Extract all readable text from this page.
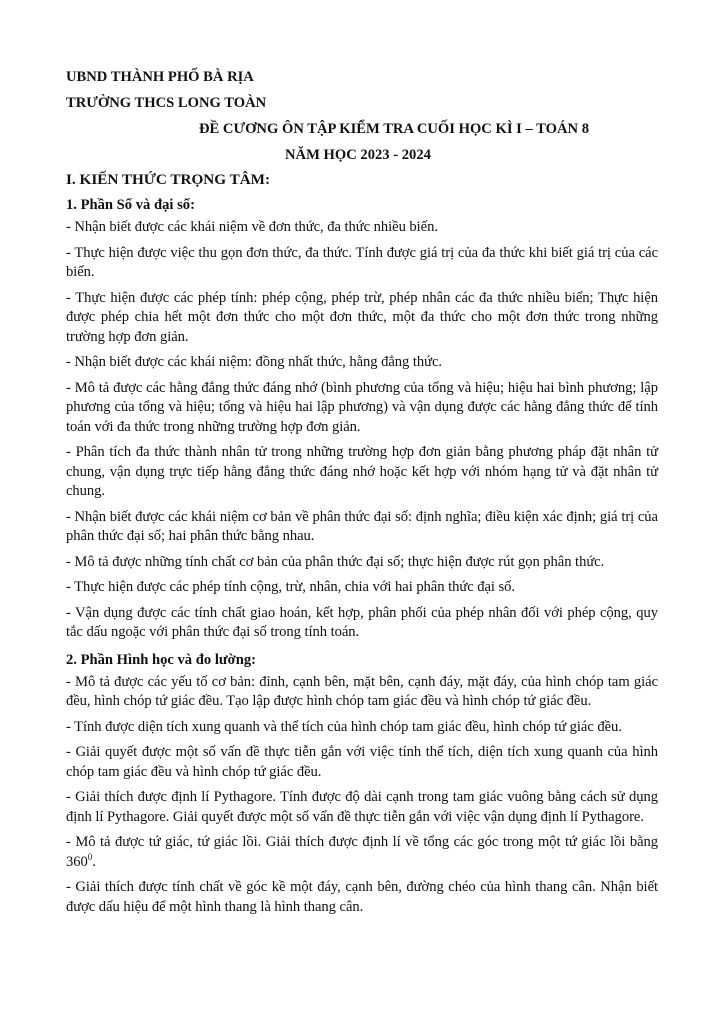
UBND THÀNH PHỐ BÀ RỊA

TRƯỜNG THCS LONG TOÀN

ĐỀ CƯƠNG ÔN TẬP KIỂM TRA CUỐI HỌC KÌ I – TOÁN 8

NĂM HỌC 2023 - 2024

I. KIẾN THỨC TRỌNG TÂM:

1. Phần Số và đại số:

- Nhận biết được các khái niệm về đơn thức, đa thức nhiều biến.

- Thực hiện được việc thu gọn đơn thức, đa thức. Tính được giá trị của đa thức khi biết giá trị của các biến.

- Thực hiện được các phép tính: phép cộng, phép trừ, phép nhân các đa thức nhiều biến; Thực hiện được phép chia hết một đơn thức cho một đơn thức, một đa thức cho một đơn thức trong những trường hợp đơn giản.

- Nhận biết được các khái niệm: đồng nhất thức, hằng đẳng thức.

- Mô tả được các hằng đẳng thức đáng nhớ (bình phương của tổng và hiệu; hiệu hai bình phương; lập phương của tổng và hiệu; tổng và hiệu hai lập phương) và vận dụng được các hằng đẳng thức để tính toán với đa thức trong những trường hợp đơn giản.

- Phân tích đa thức thành nhân tử trong những trường hợp đơn giản bằng phương pháp đặt nhân tử chung, vận dụng trực tiếp hằng đẳng thức đáng nhớ hoặc kết hợp với nhóm hạng tử và đặt nhân tử chung.

- Nhận biết được các khái niệm cơ bản về phân thức đại số: định nghĩa; điều kiện xác định; giá trị của phân thức đại số; hai phân thức bằng nhau.

- Mô tả được những tính chất cơ bản của phân thức đại số; thực hiện được rút gọn phân thức.

- Thực hiện được các phép tính cộng, trừ, nhân, chia với hai phân thức đại số.

- Vận dụng được các tính chất giao hoán, kết hợp, phân phối của phép nhân đối với phép cộng, quy tắc dấu ngoặc với phân thức đại số trong tính toán.

2. Phần Hình học và đo lường:

- Mô tả được các yếu tố cơ bản: đỉnh, cạnh bên, mặt bên, cạnh đáy, mặt đáy, của hình chóp tam giác đều, hình chóp tứ giác đều. Tạo lập được hình chóp tam giác đều và hình chóp tứ giác đều.

- Tính được diện tích xung quanh và thể tích của hình chóp tam giác đều, hình chóp tứ giác đều.

- Giải quyết được một số vấn đề thực tiễn gắn với việc tính thể tích, diện tích xung quanh của hình chóp tam giác đều và hình chóp tứ giác đều.

- Giải thích được định lí Pythagore. Tính được độ dài cạnh trong tam giác vuông bằng cách sử dụng định lí Pythagore. Giải quyết được một số vấn đề thực tiễn gắn với việc vận dụng định lí Pythagore.

- Mô tả được tứ giác, tứ giác lồi. Giải thích được định lí về tổng các góc trong một tứ giác lồi bằng $360^0$.

- Giải thích được tính chất về góc kề một đáy, cạnh bên, đường chéo của hình thang cân. Nhận biết được dấu hiệu để một hình thang là hình thang cân.
